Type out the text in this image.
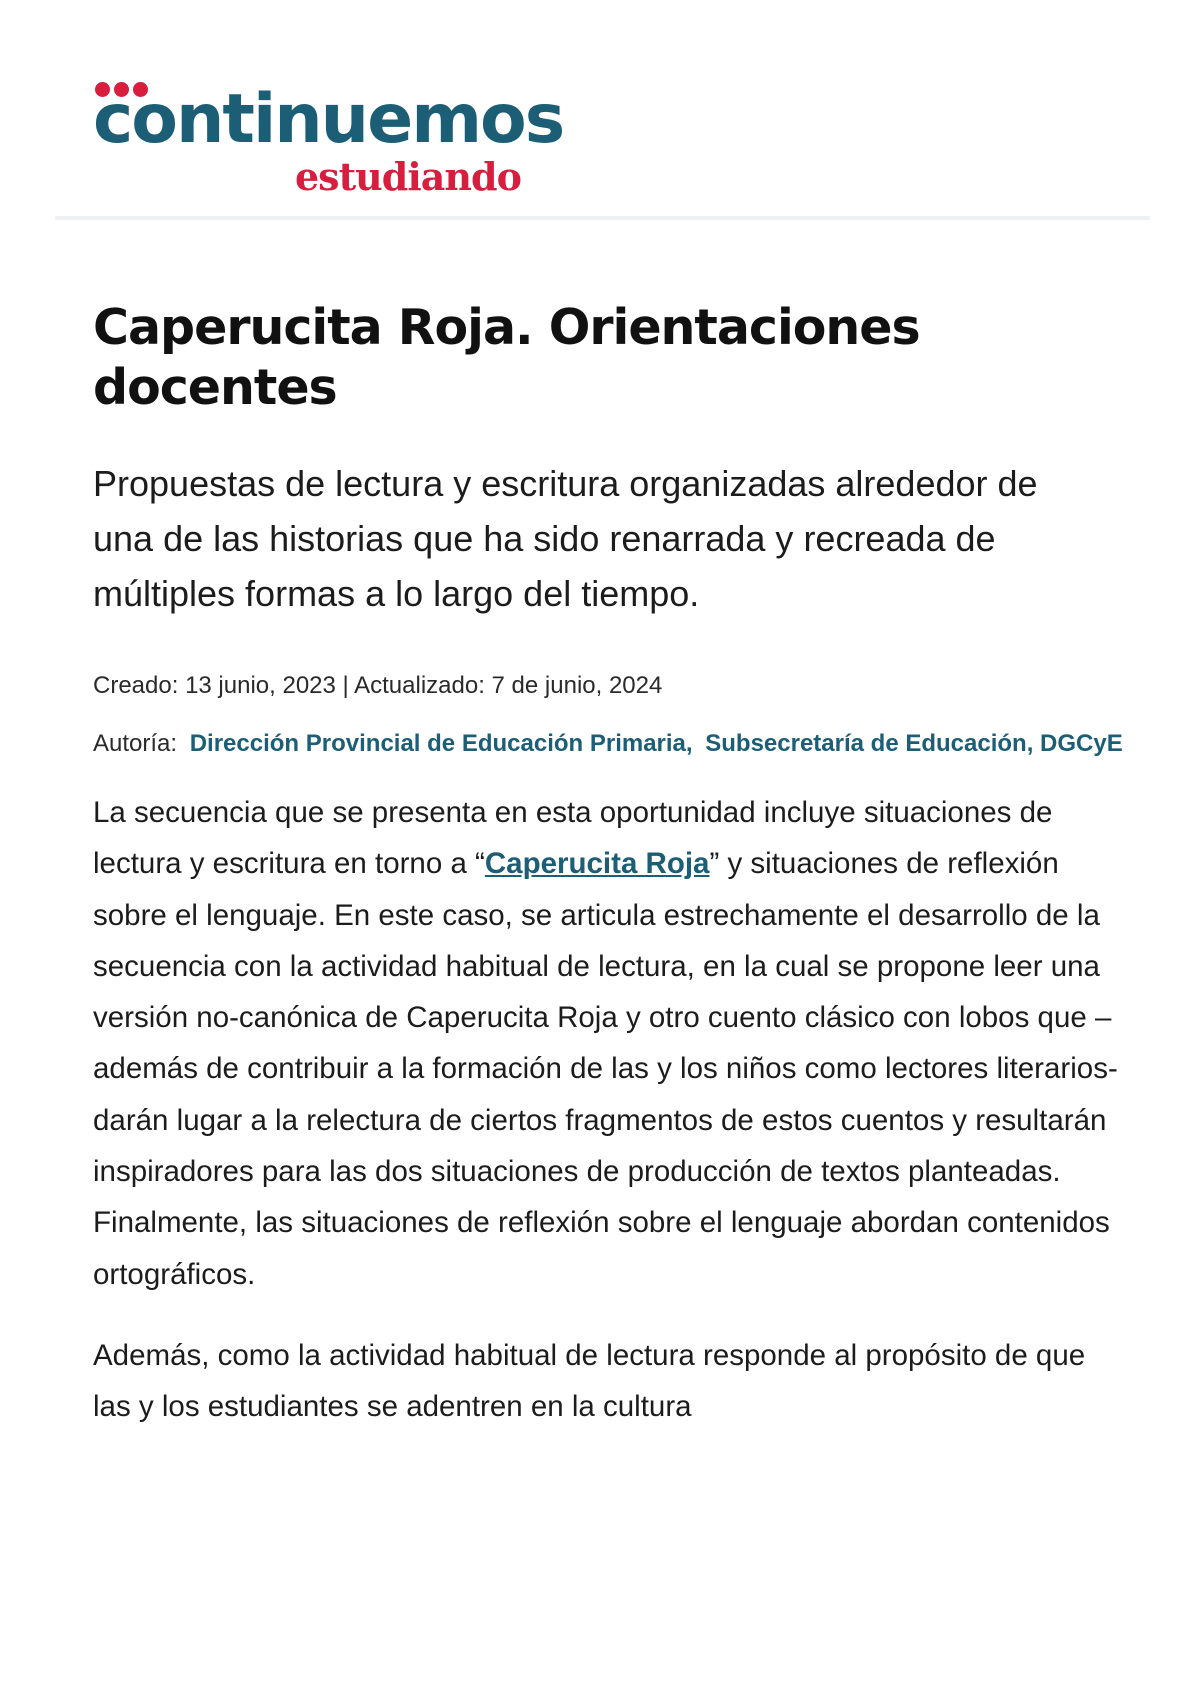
continuemos
estudiando
Caperucita Roja. Orientaciones docentes

Propuestas de lectura y escritura organizadas alrededor de una de las historias que ha sido renarrada y recreada de múltiples formas a lo largo del tiempo.

Creado: 13 junio, 2023 | Actualizado: 7 de junio, 2024
Autoría: Dirección Provincial de Educación Primaria, Subsecretaría de Educación, DGCyE

La secuencia que se presenta en esta oportunidad incluye situaciones de lectura y escritura en torno a “Caperucita Roja” y situaciones de reflexión sobre el lenguaje. En este caso, se articula estrechamente el desarrollo de la secuencia con la actividad habitual de lectura, en la cual se propone leer una versión no-canónica de Caperucita Roja y otro cuento clásico con lobos que –además de contribuir a la formación de las y los niños como lectores literarios- darán lugar a la relectura de ciertos fragmentos de estos cuentos y resultarán inspiradores para las dos situaciones de producción de textos planteadas. Finalmente, las situaciones de reflexión sobre el lenguaje abordan contenidos ortográficos.

Además, como la actividad habitual de lectura responde al propósito de que las y los estudiantes se adentren en la cultura
